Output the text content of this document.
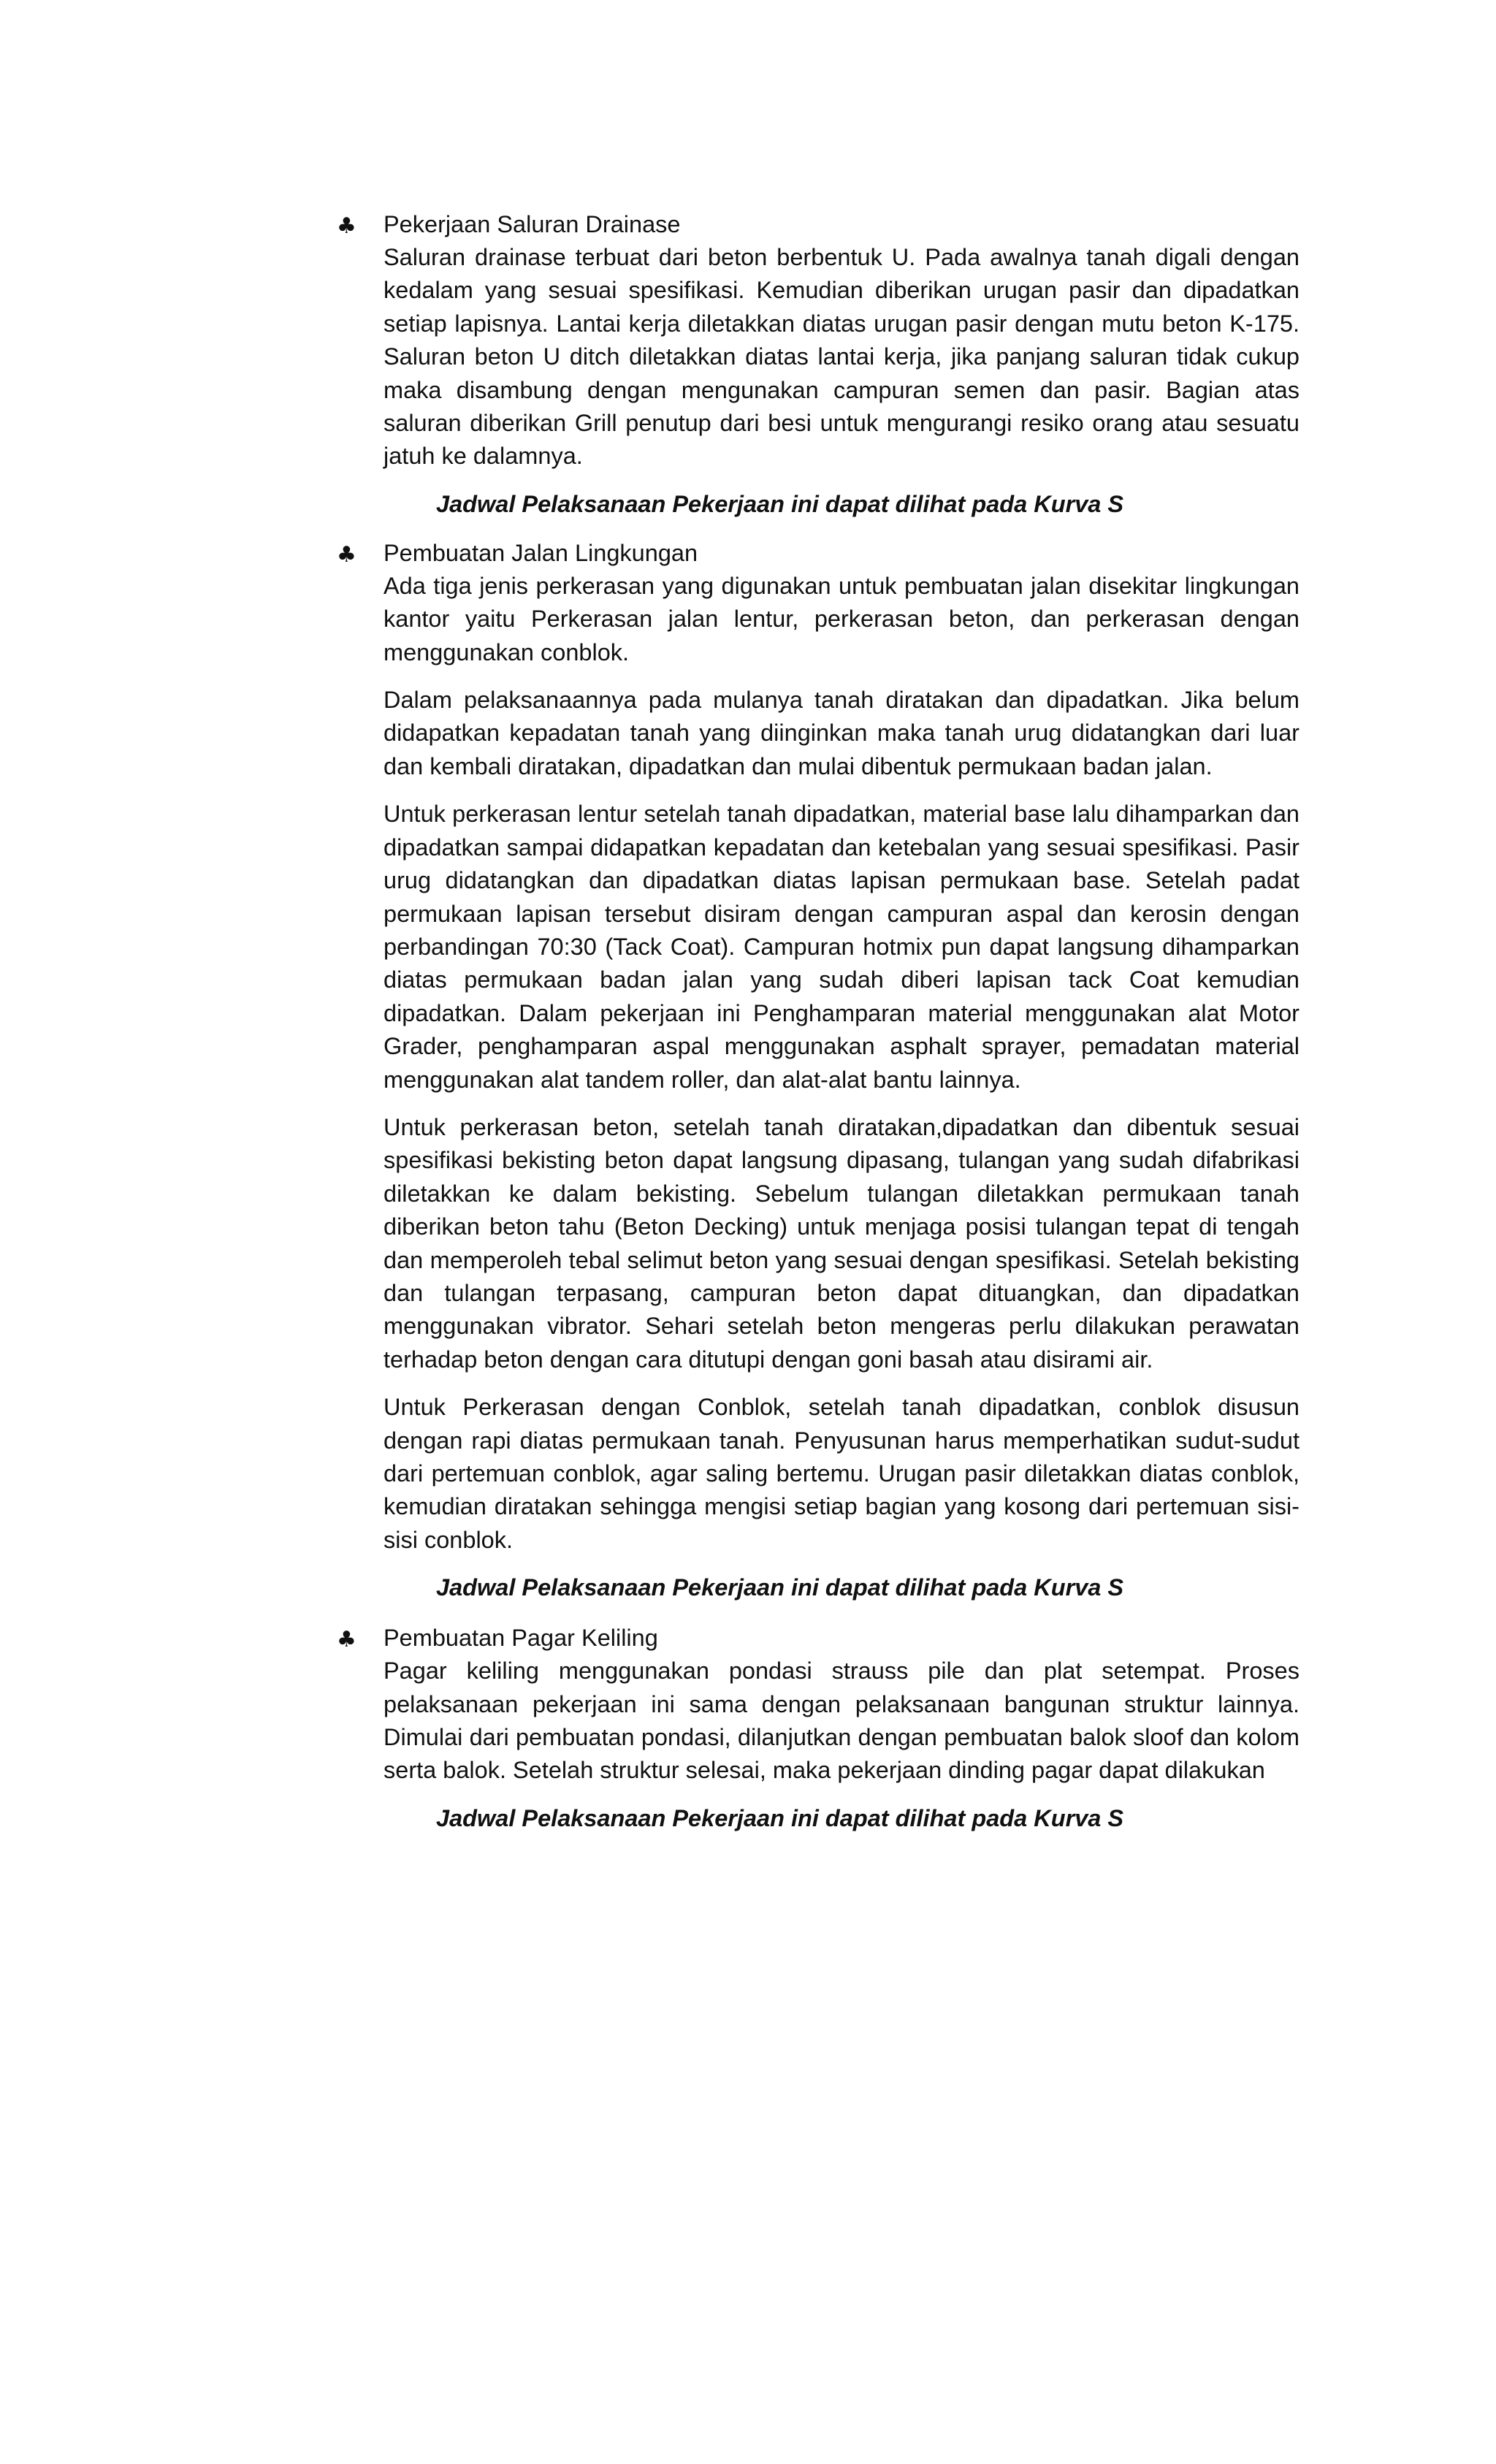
♣ Pekerjaan Saluran Drainase

Saluran drainase terbuat dari beton berbentuk U. Pada awalnya tanah digali dengan kedalam yang sesuai spesifikasi. Kemudian diberikan urugan pasir dan dipadatkan setiap lapisnya. Lantai kerja diletakkan diatas urugan pasir dengan mutu beton K-175. Saluran beton U ditch diletakkan diatas lantai kerja, jika panjang saluran tidak cukup maka disambung dengan mengunakan campuran semen dan pasir. Bagian atas saluran diberikan Grill penutup dari besi untuk mengurangi resiko orang atau sesuatu jatuh ke dalamnya.

Jadwal Pelaksanaan Pekerjaan ini dapat dilihat pada Kurva S
♣ Pembuatan Jalan Lingkungan

Ada tiga jenis perkerasan yang digunakan untuk pembuatan jalan disekitar lingkungan kantor yaitu Perkerasan jalan lentur, perkerasan beton, dan perkerasan dengan menggunakan conblok.

Dalam pelaksanaannya pada mulanya tanah diratakan dan dipadatkan. Jika belum didapatkan kepadatan tanah yang diinginkan maka tanah urug didatangkan dari luar dan kembali diratakan, dipadatkan dan mulai dibentuk permukaan badan jalan.

Untuk perkerasan lentur setelah tanah dipadatkan, material base lalu dihamparkan dan dipadatkan sampai didapatkan kepadatan dan ketebalan yang sesuai spesifikasi. Pasir urug didatangkan dan dipadatkan diatas lapisan permukaan base. Setelah padat permukaan lapisan tersebut disiram dengan campuran aspal dan kerosin dengan perbandingan 70:30 (Tack Coat). Campuran hotmix pun dapat langsung dihamparkan diatas permukaan badan jalan yang sudah diberi lapisan tack Coat kemudian dipadatkan. Dalam pekerjaan ini Penghamparan material menggunakan alat Motor Grader, penghamparan aspal menggunakan asphalt sprayer, pemadatan material menggunakan alat tandem roller, dan alat-alat bantu lainnya.

Untuk perkerasan beton, setelah tanah diratakan,dipadatkan dan dibentuk sesuai spesifikasi bekisting beton dapat langsung dipasang, tulangan yang sudah difabrikasi diletakkan ke dalam bekisting. Sebelum tulangan diletakkan permukaan tanah diberikan beton tahu (Beton Decking) untuk menjaga posisi tulangan tepat di tengah dan memperoleh tebal selimut beton yang sesuai dengan spesifikasi. Setelah bekisting dan tulangan terpasang, campuran beton dapat dituangkan, dan dipadatkan menggunakan vibrator. Sehari setelah beton mengeras perlu dilakukan perawatan terhadap beton dengan cara ditutupi dengan goni basah atau disirami air.

Untuk Perkerasan dengan Conblok, setelah tanah dipadatkan, conblok disusun dengan rapi diatas permukaan tanah. Penyusunan harus memperhatikan sudut-sudut dari pertemuan conblok, agar saling bertemu. Urugan pasir diletakkan diatas conblok, kemudian diratakan sehingga mengisi setiap bagian yang kosong dari pertemuan sisi-sisi conblok.

Jadwal Pelaksanaan Pekerjaan ini dapat dilihat pada Kurva S
♣ Pembuatan Pagar Keliling

Pagar keliling menggunakan pondasi strauss pile dan plat setempat. Proses pelaksanaan pekerjaan ini sama dengan pelaksanaan bangunan struktur lainnya. Dimulai dari pembuatan pondasi, dilanjutkan dengan pembuatan balok sloof dan kolom serta balok. Setelah struktur selesai, maka pekerjaan dinding pagar dapat dilakukan

Jadwal Pelaksanaan Pekerjaan ini dapat dilihat pada Kurva S
